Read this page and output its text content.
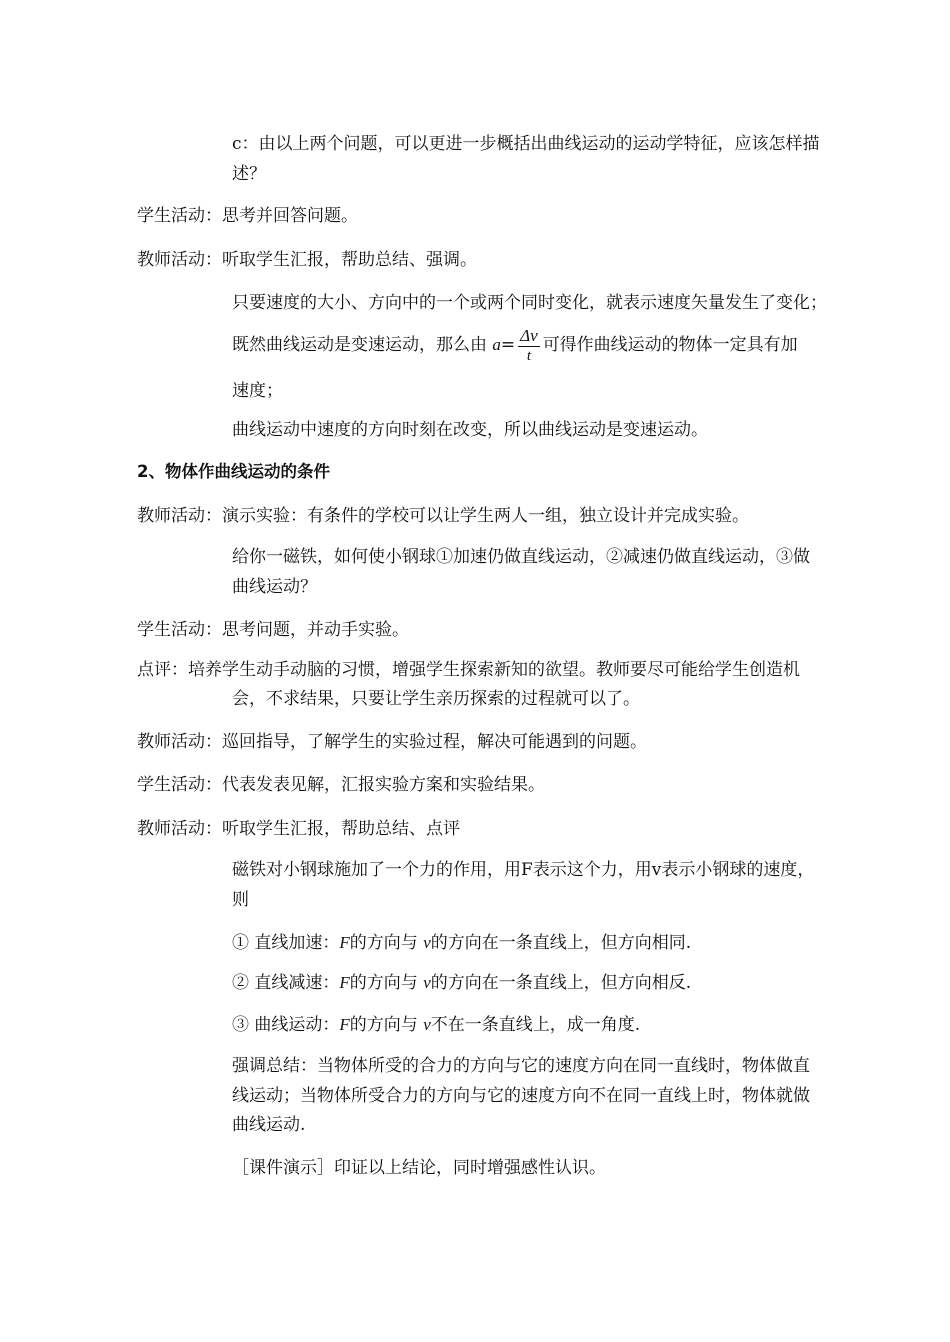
c：由以上两个问题，可以更进一步概括出曲线运动的运动学特征，应该怎样描
述？
学生活动：思考并回答问题。
教师活动：听取学生汇报，帮助总结、强调。
只要速度的大小、方向中的一个或两个同时变化，就表示速度矢量发生了变化；
既然曲线运动是变速运动，那么由 $a= \frac{\Delta v}{t}$ 可得作曲线运动的物体一定具有加
速度；
曲线运动中速度的方向时刻在改变，所以曲线运动是变速运动。
2、物体作曲线运动的条件
教师活动：演示实验：有条件的学校可以让学生两人一组，独立设计并完成实验。
给你一磁铁，如何使小钢球①加速仍做直线运动，②减速仍做直线运动，③做
曲线运动？
学生活动：思考问题，并动手实验。
点评：培养学生动手动脑的习惯，增强学生探索新知的欲望。教师要尽可能给学生创造机
会，不求结果，只要让学生亲历探索的过程就可以了。
教师活动：巡回指导，了解学生的实验过程，解决可能遇到的问题。
学生活动：代表发表见解，汇报实验方案和实验结果。
教师活动：听取学生汇报，帮助总结、点评
磁铁对小钢球施加了一个力的作用，用F表示这个力，用v表示小钢球的速度，
则
① 直线加速：F的方向与 v的方向在一条直线上，但方向相同.
② 直线减速：F的方向与 v的方向在一条直线上，但方向相反.
③ 曲线运动：F的方向与 v不在一条直线上，成一角度.
强调总结：当物体所受的合力的方向与它的速度方向在同一直线时，物体做直
线运动；当物体所受合力的方向与它的速度方向不在同一直线上时，物体就做
曲线运动.
［课件演示］印证以上结论，同时增强感性认识。
